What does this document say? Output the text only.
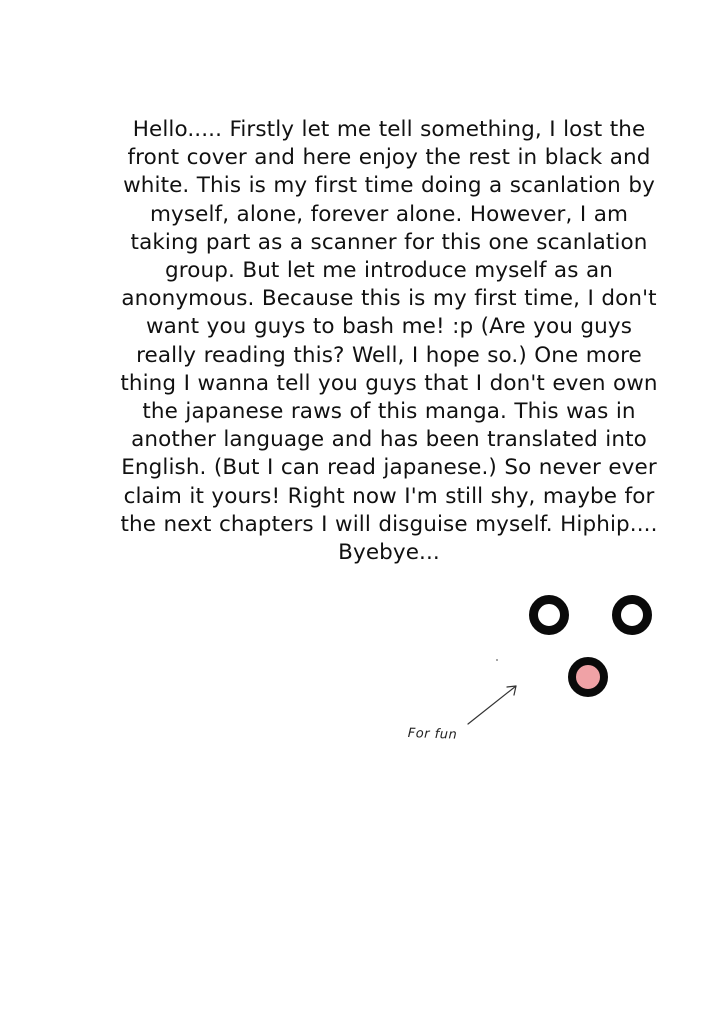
Hello..... Firstly let me tell something, I lost the
front cover and here enjoy the rest in black and
white. This is my first time doing a scanlation by
myself, alone, forever alone. However, I am
taking part as a scanner for this one scanlation
group. But let me introduce myself as an
anonymous. Because this is my first time, I don't
want you guys to bash me! :p (Are you guys
really reading this? Well, I hope so.) One more
thing I wanna tell you guys that I don't even own
the japanese raws of this manga. This was in
another language and has been translated into
English. (But I can read japanese.) So never ever
claim it yours! Right now I'm still shy, maybe for
the next chapters I will disguise myself. Hiphip....
Byebye...
For fun
